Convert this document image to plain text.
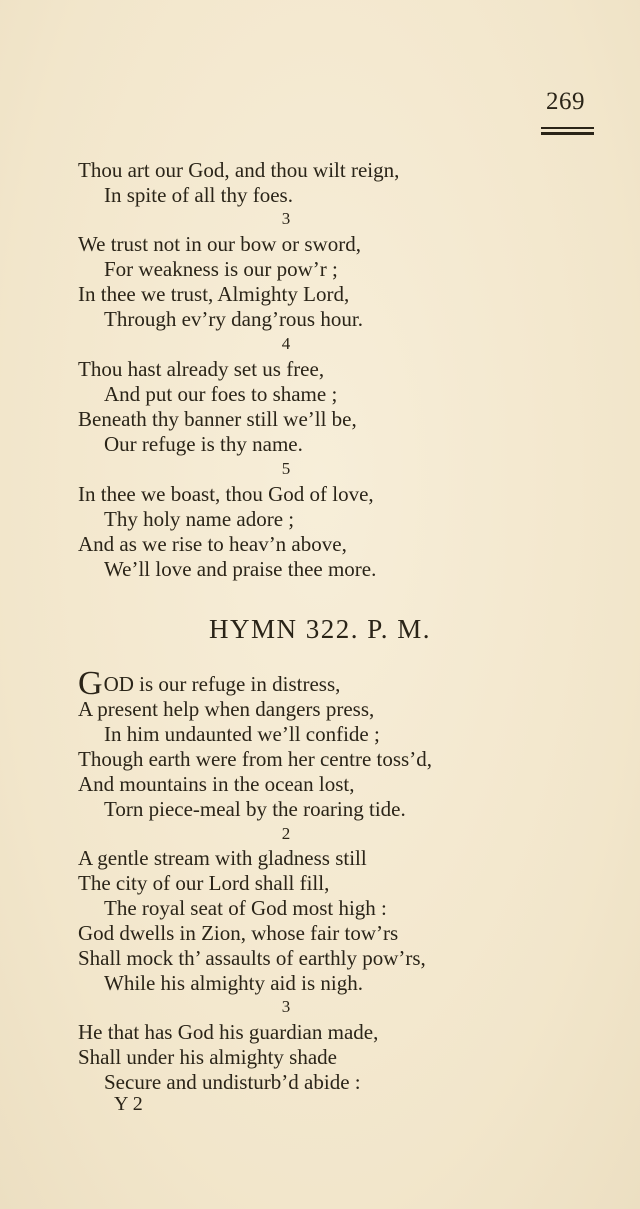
269
Thou art our God, and thou wilt reign,
In spite of all thy foes.
3
We trust not in our bow or sword,
For weakness is our pow’r ;
In thee we trust, Almighty Lord,
Through ev’ry dang’rous hour.
4
Thou hast already set us free,
And put our foes to shame ;
Beneath thy banner still we’ll be,
Our refuge is thy name.
5
In thee we boast, thou God of love,
Thy holy name adore ;
And as we rise to heav’n above,
We’ll love and praise thee more.
HYMN 322. P. M.
GOD is our refuge in distress,
A present help when dangers press,
In him undaunted we’ll confide ;
Though earth were from her centre toss’d,
And mountains in the ocean lost,
Torn piece-meal by the roaring tide.
2
A gentle stream with gladness still
The city of our Lord shall fill,
The royal seat of God most high :
God dwells in Zion, whose fair tow’rs
Shall mock th’ assaults of earthly pow’rs,
While his almighty aid is nigh.
3
He that has God his guardian made,
Shall under his almighty shade
Secure and undisturb’d abide :
Y 2
